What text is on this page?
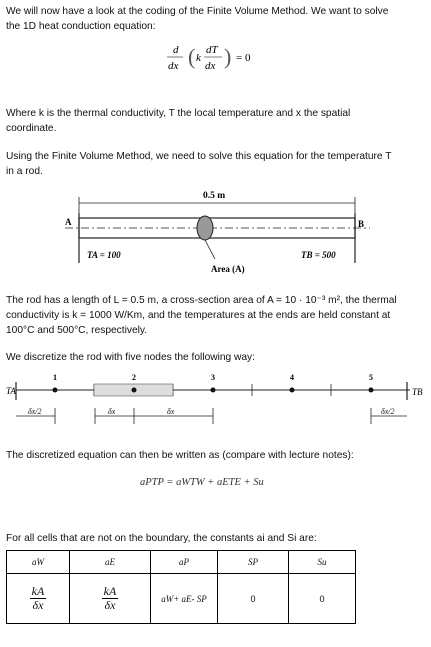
We will now have a look at the coding of the Finite Volume Method. We want to solve
the 1D heat conduction equation:
d
dx ( k
dT
dx ) = 0
Where k is the thermal conductivity, T the local temperature and x the spatial
coordinate.
Using the Finite Volume Method, we need to solve this equation for the temperature T
in a rod.
0.5 m
A	B
Area (A)
TA = 100	TB = 500
The rod has a length of L = 0.5 m, a cross-section area of A = 10 · 10⁻³ m², the thermal
conductivity is k = 1000 W/Km, and the temperatures at the ends are held constant at
100°C and 500°C, respectively.
We discretize the rod with five nodes the following way:
TA	TB
1	2	3	4	5
δx/2	δx	δx	δx/2
The discretized equation can then be written as (compare with lecture notes):
aPTP = aWTW + aETE + Su
For all cells that are not on the boundary, the constants ai and Si are:
aW	aE	aP	SP	Su

$\frac{kA}{\delta x}$	$\frac{kA}{\delta x}$	aW+ aE- SP	0	0
